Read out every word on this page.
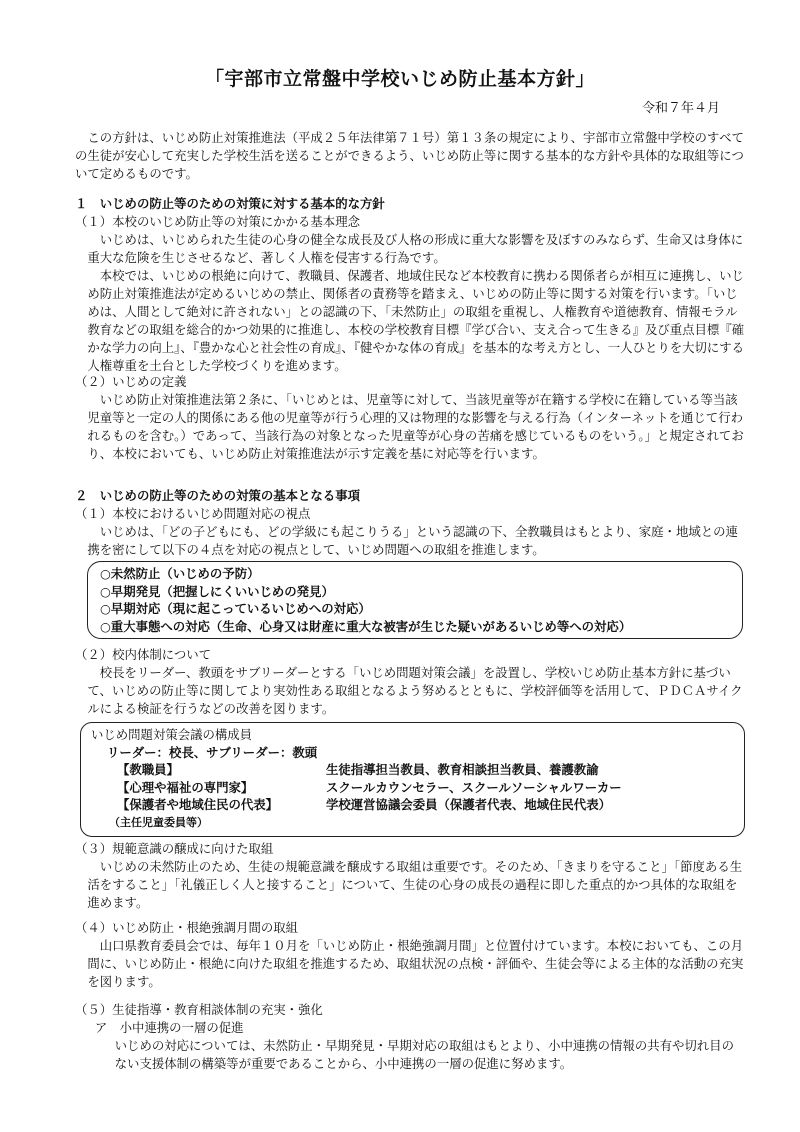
「宇部市立常盤中学校いじめ防止基本方針」
令和７年４月

この方針は、いじめ防止対策推進法（平成２５年法律第７１号）第１３条の規定により、宇部市立常盤中学校のすべての生徒が安心して充実した学校生活を送ることができるよう、いじめ防止等に関する基本的な方針や具体的な取組等について定めるものです。

１　いじめの防止等のための対策に対する基本的な方針
（１）本校のいじめ防止等の対策にかかる基本理念

いじめは、いじめられた生徒の心身の健全な成長及び人格の形成に重大な影響を及ぼすのみならず、生命又は身体に重大な危険を生じさせるなど、著しく人権を侵害する行為です。

本校では、いじめの根絶に向けて、教職員、保護者、地域住民など本校教育に携わる関係者らが相互に連携し、いじめ防止対策推進法が定めるいじめの禁止、関係者の責務等を踏まえ、いじめの防止等に関する対策を行います。「いじめは、人間として絶対に許されない」との認識の下、「未然防止」の取組を重視し、人権教育や道徳教育、情報モラル教育などの取組を総合的かつ効果的に推進し、本校の学校教育目標『学び合い、支え合って生きる』及び重点目標『確かな学力の向上』、『豊かな心と社会性の育成』、『健やかな体の育成』を基本的な考え方とし、一人ひとりを大切にする人権尊重を土台とした学校づくりを進めます。

（２）いじめの定義

いじめ防止対策推進法第２条に、「いじめとは、児童等に対して、当該児童等が在籍する学校に在籍している等当該児童等と一定の人的関係にある他の児童等が行う心理的又は物理的な影響を与える行為（インターネットを通じて行われるものを含む。）であって、当該行為の対象となった児童等が心身の苦痛を感じているものをいう。」と規定されており、本校においても、いじめ防止対策推進法が示す定義を基に対応等を行います。

２　いじめの防止等のための対策の基本となる事項
（１）本校におけるいじめ問題対応の視点

いじめは、「どの子どもにも、どの学級にも起こりうる」という認識の下、全教職員はもとより、家庭・地域との連携を密にして以下の４点を対応の視点として、いじめ問題への取組を推進します。

○未然防止（いじめの予防）
○早期発見（把握しにくいいじめの発見）
○早期対応（現に起こっているいじめへの対応）
○重大事態への対応（生命、心身又は財産に重大な被害が生じた疑いがあるいじめ等への対応）
（２）校内体制について

校長をリーダー、教頭をサブリーダーとする「いじめ問題対策会議」を設置し、学校いじめ防止基本方針に基づいて、いじめの防止等に関してより実効性ある取組となるよう努めるとともに、学校評価等を活用して、ＰＤＣＡサイクルによる検証を行うなどの改善を図ります。

いじめ問題対策会議の構成員
リーダー：校長、サブリーダー：教頭
【教職員】	生徒指導担当教員、教育相談担当教員、養護教諭
【心理や福祉の専門家】	スクールカウンセラー、スクールソーシャルワーカー
【保護者や地域住民の代表】	学校運営協議会委員（保護者代表、地域住民代表）
（主任児童委員等）
（３）規範意識の醸成に向けた取組

いじめの未然防止のため、生徒の規範意識を醸成する取組は重要です。そのため、「きまりを守ること」「節度ある生活をすること」「礼儀正しく人と接すること」について、生徒の心身の成長の過程に即した重点的かつ具体的な取組を進めます。

（４）いじめ防止・根絶強調月間の取組

山口県教育委員会では、毎年１０月を「いじめ防止・根絶強調月間」と位置付けています。本校においても、この月間に、いじめ防止・根絶に向けた取組を推進するため、取組状況の点検・評価や、生徒会等による主体的な活動の充実を図ります。

（５）生徒指導・教育相談体制の充実・強化

ア　小中連携の一層の促進

いじめの対応については、未然防止・早期発見・早期対応の取組はもとより、小中連携の情報の共有や切れ目のない支援体制の構築等が重要であることから、小中連携の一層の促進に努めます。
